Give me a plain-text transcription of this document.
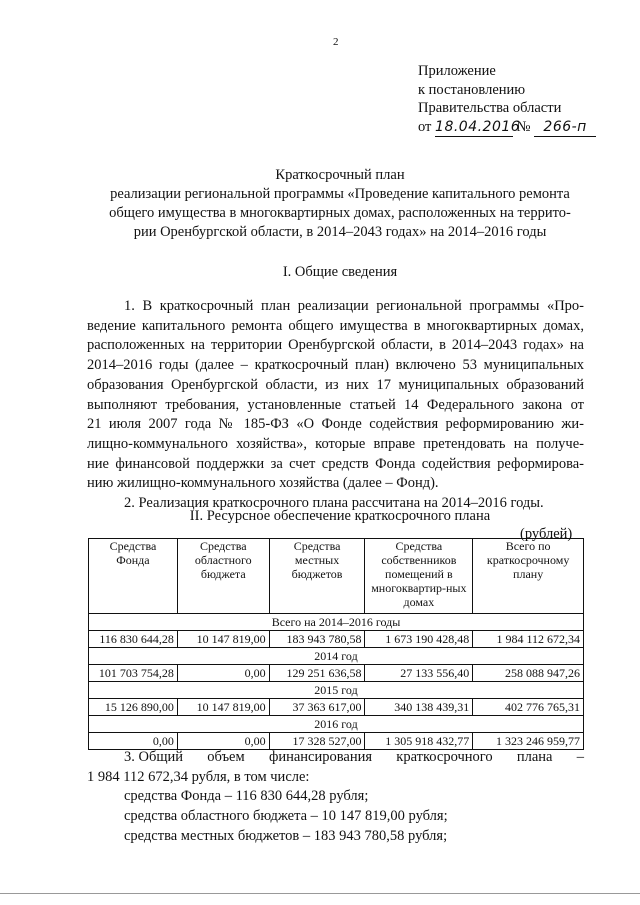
2
Приложение
к постановлению
Правительства области
от 18.04.2016 № 266-п
Краткосрочный план
реализации региональной программы «Проведение капитального ремонта
общего имущества в многоквартирных домах, расположенных на террито-
рии Оренбургской области, в 2014–2043 годах» на 2014–2016 годы
I. Общие сведения
1. В краткосрочный план реализации региональной программы «Про-
ведение капитального ремонта общего имущества в многоквартирных домах,
расположенных на территории Оренбургской области, в 2014–2043 годах» на
2014–2016 годы (далее – краткосрочный план) включено 53 муниципальных
образования Оренбургской области, из них 17 муниципальных образований
выполняют требования, установленные статьей 14 Федерального закона от
21 июля 2007 года № 185-ФЗ «О Фонде содействия реформированию жи-
лищно-коммунального хозяйства», которые вправе претендовать на получе-
ние финансовой поддержки за счет средств Фонда содействия реформирова-
нию жилищно-коммунального хозяйства (далее – Фонд).
2. Реализация краткосрочного плана рассчитана на 2014–2016 годы.
II. Ресурсное обеспечение краткосрочного плана
(рублей)
Средства Фонда	Средства областного бюджета	Средства местных бюджетов	Средства собственников помещений в многоквартир-ных домах	Всего по краткосрочному плану
Всего на 2014–2016 годы				
116 830 644,28	10 147 819,00	183 943 780,58	1 673 190 428,48	1 984 112 672,34
2014 год				
101 703 754,28	0,00	129 251 636,58	27 133 556,40	258 088 947,26
2015 год				
15 126 890,00	10 147 819,00	37 363 617,00	340 138 439,31	402 776 765,31
2016 год				
0,00	0,00	17 328 527,00	1 305 918 432,77	1 323 246 959,77
3. Общий объем финансирования краткосрочного плана –
1 984 112 672,34 рубля, в том числе:
средства Фонда – 116 830 644,28 рубля;
средства областного бюджета – 10 147 819,00 рубля;
средства местных бюджетов – 183 943 780,58 рубля;
